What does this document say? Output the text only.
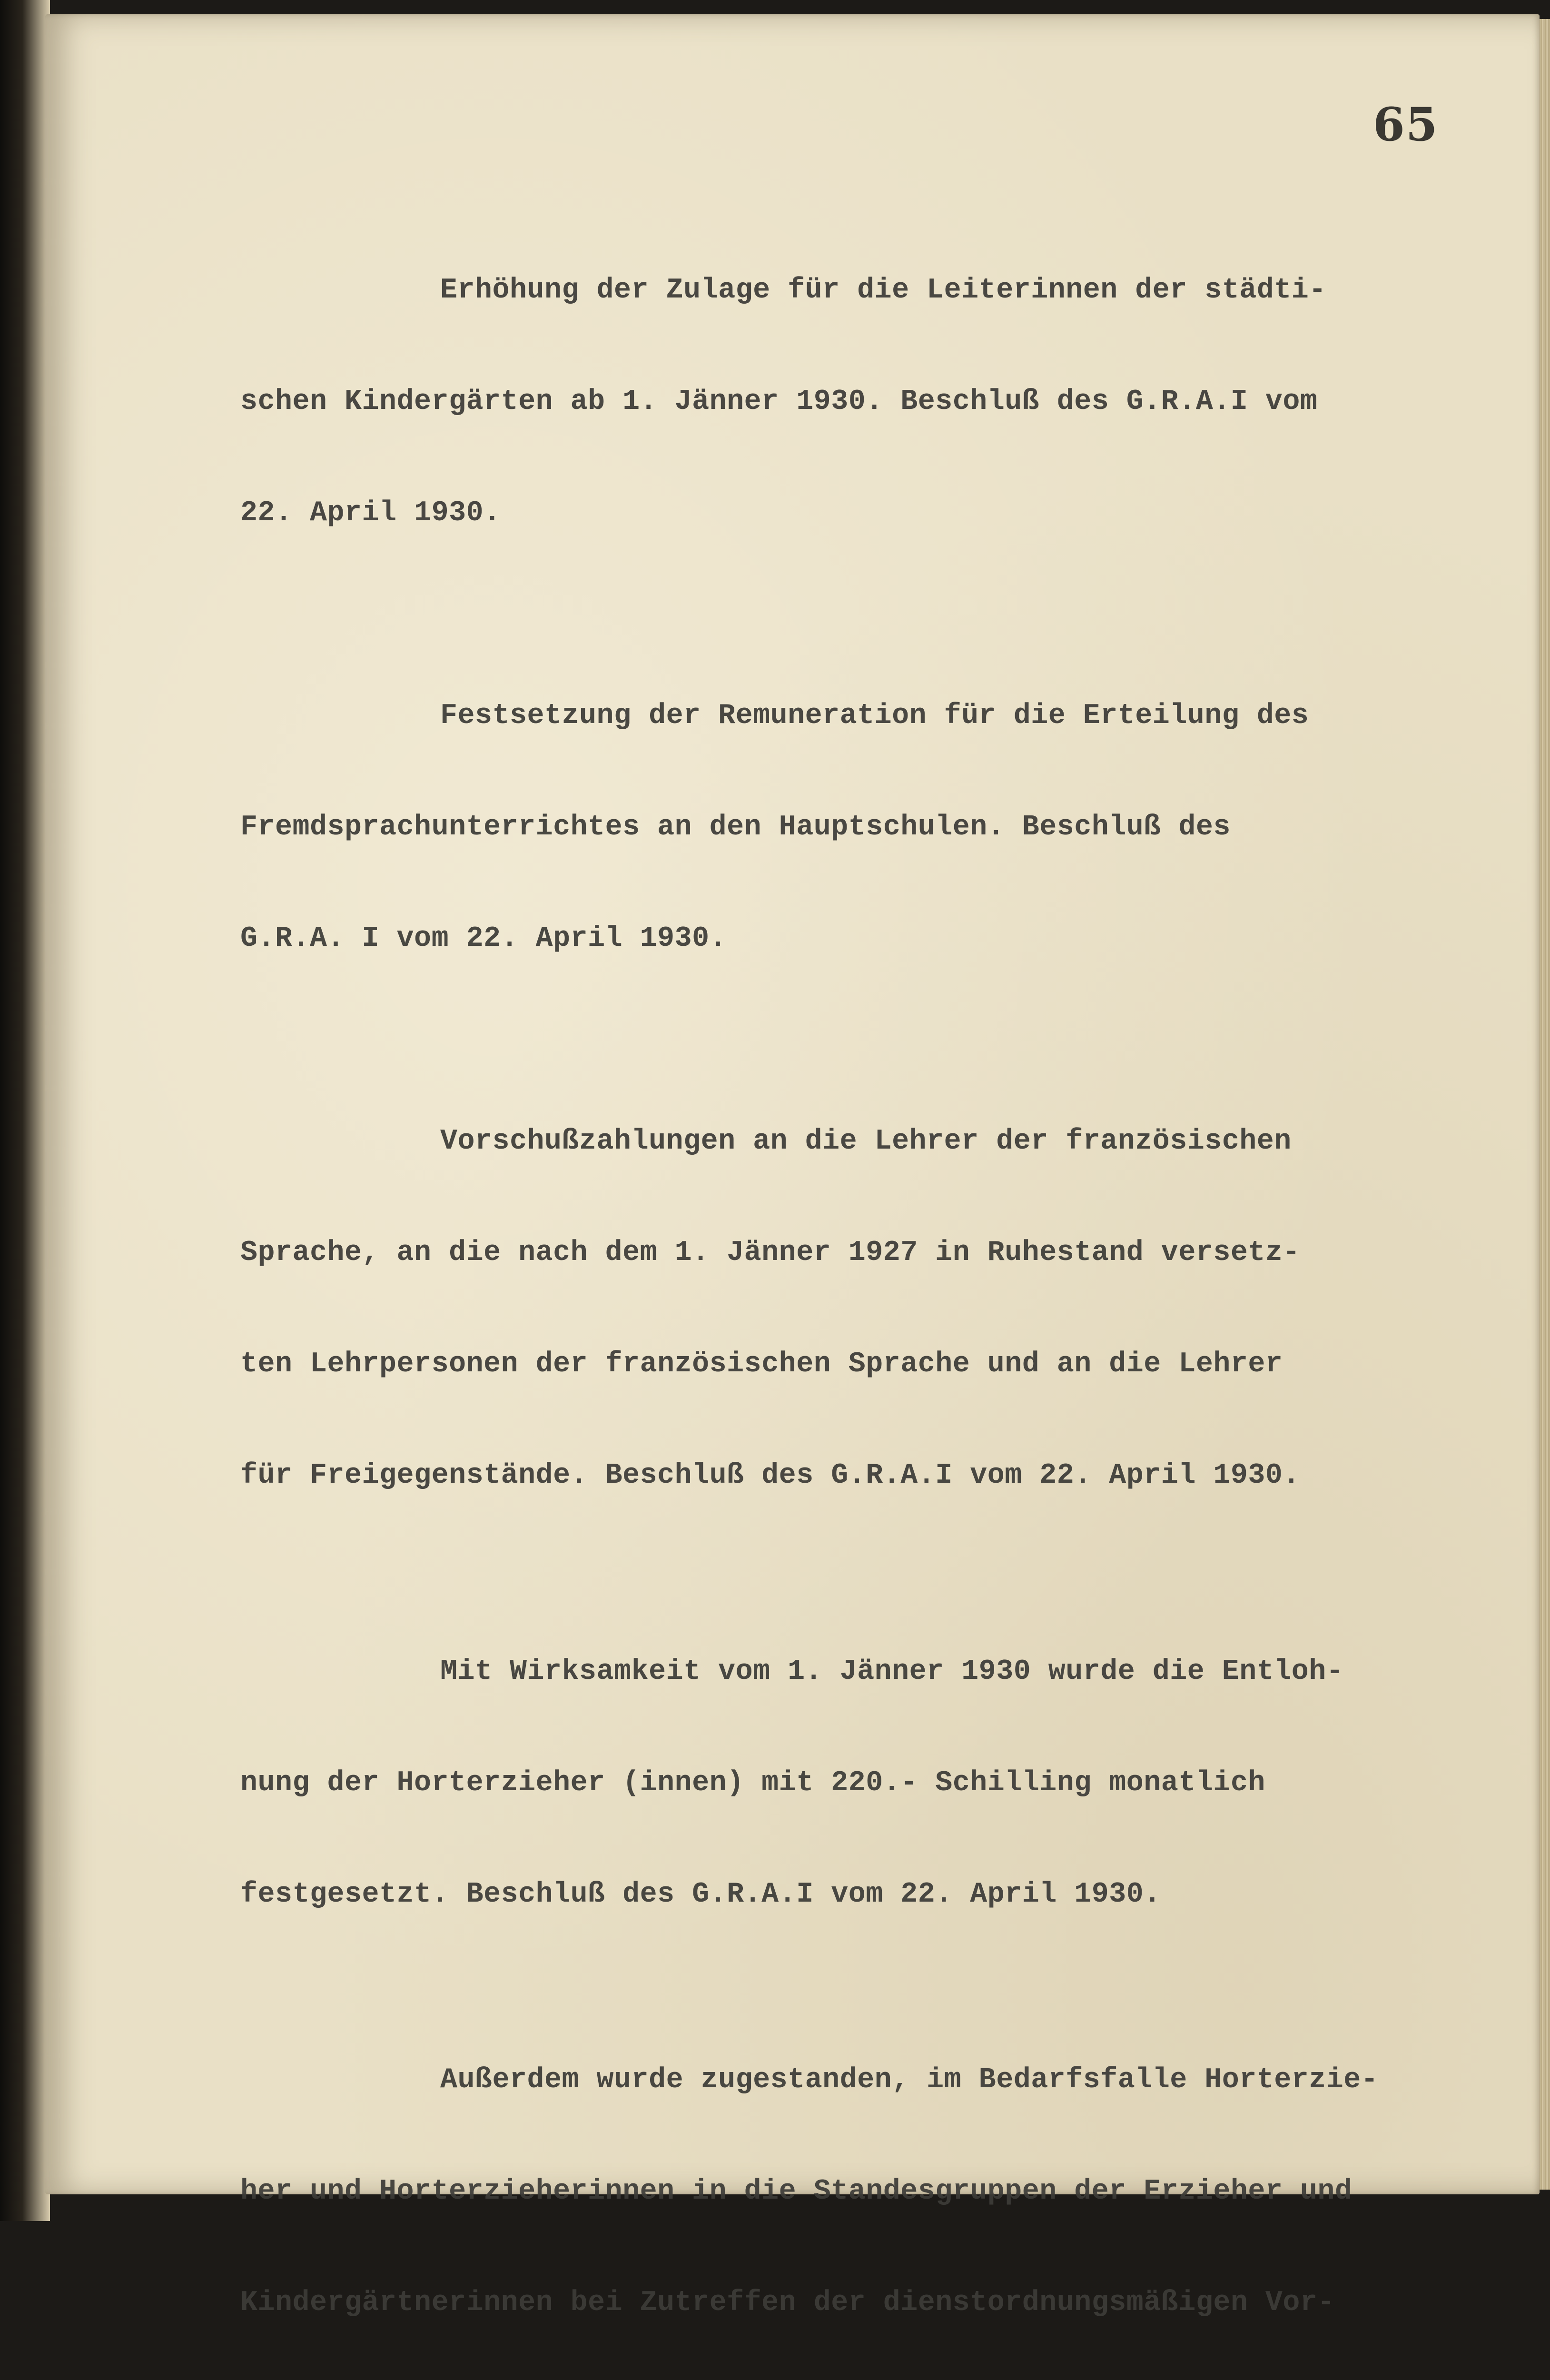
65

Erhöhung der Zulage für die Leiterinnen der städti-

schen Kindergärten ab 1. Jänner 1930. Beschluß des G.R.A.I vom

22. April 1930.

Festsetzung der Remuneration für die Erteilung des

Fremdsprachunterrichtes an den Hauptschulen. Beschluß des

G.R.A. I vom 22. April 1930.

Vorschußzahlungen an die Lehrer der französischen

Sprache, an die nach dem 1. Jänner 1927 in Ruhestand versetz-

ten Lehrpersonen der französischen Sprache und an die Lehrer

für Freigegenstände. Beschluß des G.R.A.I vom 22. April 1930.

Mit Wirksamkeit vom 1. Jänner 1930 wurde die Entloh-

nung der Horterzieher (innen) mit 220.- Schilling monatlich

festgesetzt. Beschluß des G.R.A.I vom 22. April 1930.

Außerdem wurde zugestanden, im Bedarfsfalle Horterzie-

her und Horterzieherinnen in die Standesgruppen der Erzieher und

Kindergärtnerinnen bei Zutreffen der dienstordnungsmäßigen Vor-
